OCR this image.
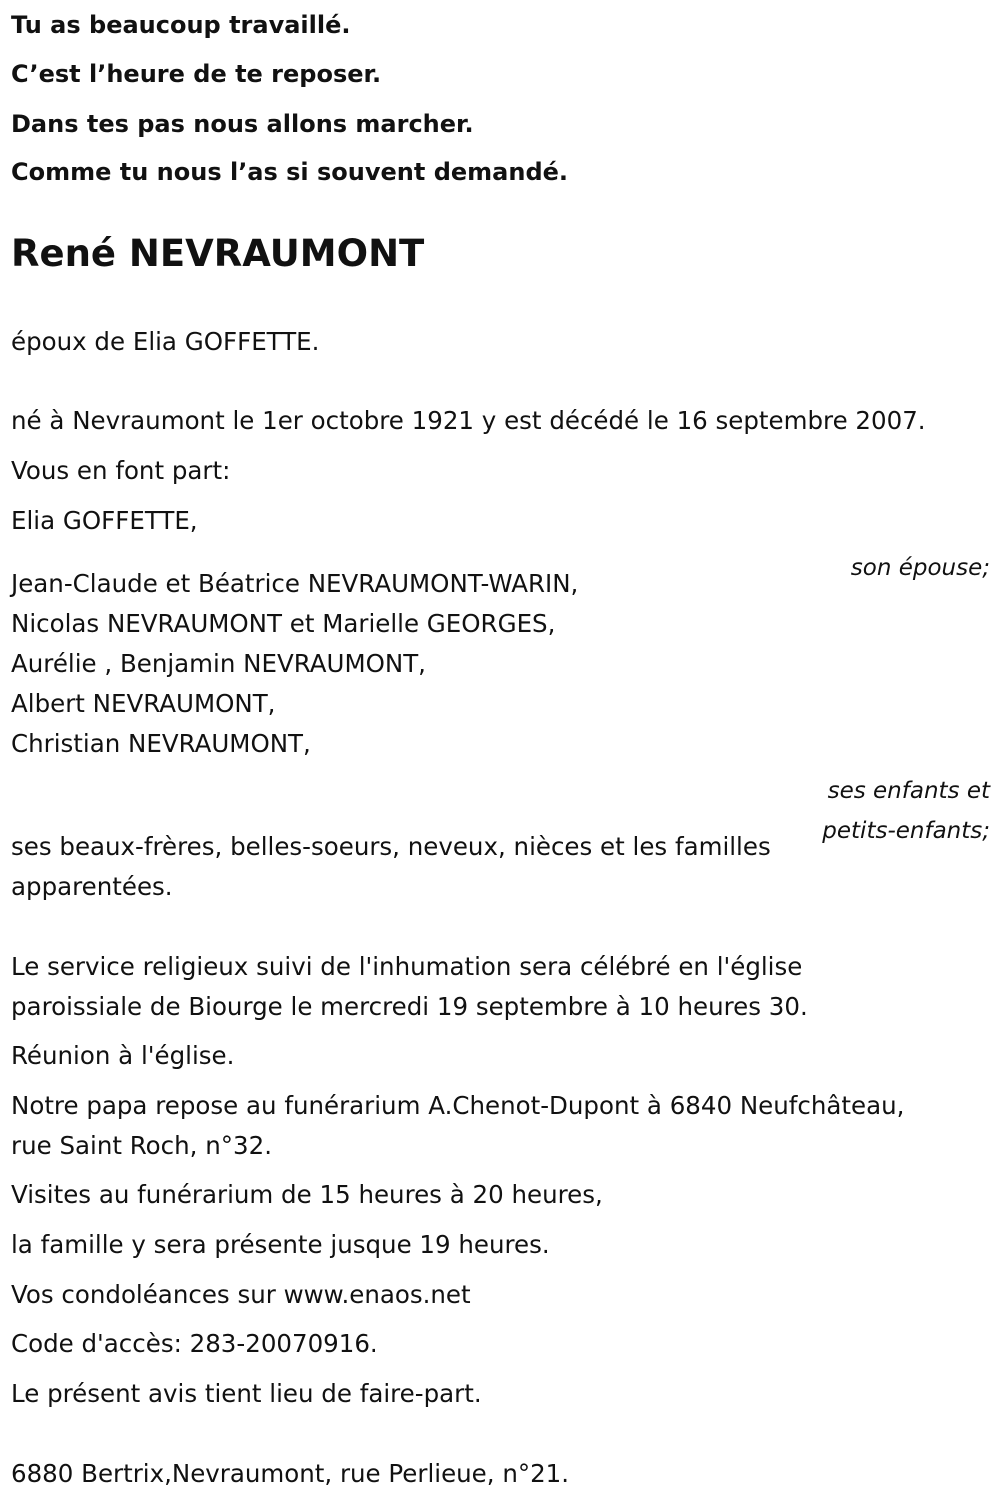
Tu as beaucoup travaillé.

C’est l’heure de te reposer.

Dans tes pas nous allons marcher.

Comme tu nous l’as si souvent demandé.

René NEVRAUMONT

époux de Elia GOFFETTE.

né à Nevraumont le 1er octobre 1921 y est décédé le 16 septembre 2007.

Vous en font part:

Elia GOFFETTE,

son épouse;

Jean-Claude et Béatrice NEVRAUMONT-WARIN,

Nicolas NEVRAUMONT et Marielle GEORGES,

Aurélie , Benjamin NEVRAUMONT,

Albert NEVRAUMONT,

Christian NEVRAUMONT,

ses enfants et

petits-enfants;

ses beaux-frères, belles-soeurs, neveux, nièces et les familles

apparentées.

Le service religieux suivi de l'inhumation sera célébré en l'église

paroissiale de Biourge le mercredi 19 septembre à 10 heures 30.

Réunion à l'église.

Notre papa repose au funérarium A.Chenot-Dupont à 6840 Neufchâteau,

rue Saint Roch, n°32.

Visites au funérarium de 15 heures à 20 heures,

la famille y sera présente jusque 19 heures.

Vos condoléances sur www.enaos.net

Code d'accès: 283-20070916.

Le présent avis tient lieu de faire-part.

6880 Bertrix,Nevraumont, rue Perlieue, n°21.
